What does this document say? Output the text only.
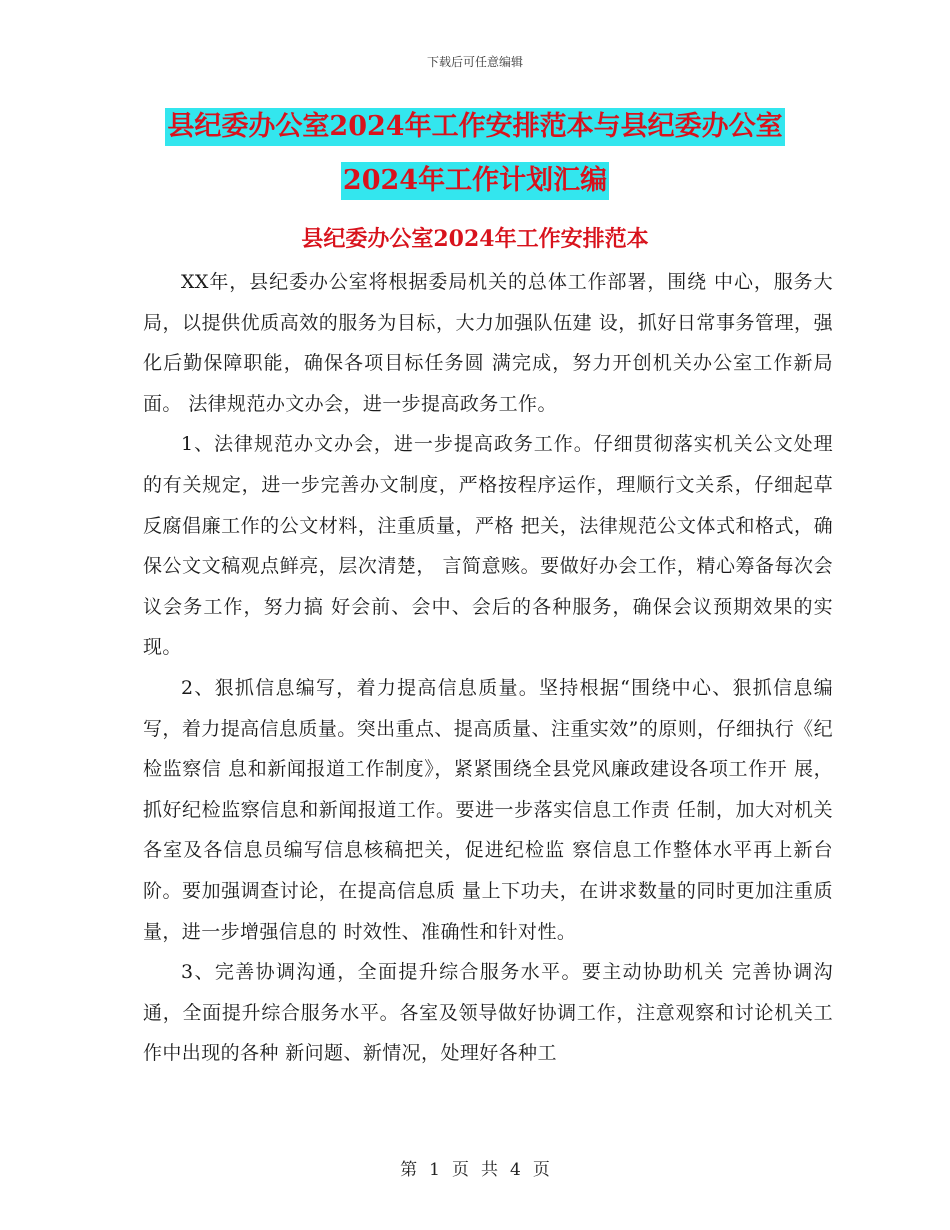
下载后可任意编辑
县纪委办公室2024年工作安排范本与县纪委办公室
2024年工作计划汇编
县纪委办公室2024年工作安排范本

XX年，县纪委办公室将根据委局机关的总体工作部署，围绕 中心，服务大局，以提供优质高效的服务为目标，大力加强队伍建 设，抓好日常事务管理，强化后勤保障职能，确保各项目标任务圆 满完成，努力开创机关办公室工作新局面。 法律规范办文办会，进一步提高政务工作。

1、法律规范办文办会，进一步提高政务工作。仔细贯彻落实机关公文处理的有关规定，进一步完善办文制度，严格按程序运作，理顺行文关系，仔细起草反腐倡廉工作的公文材料，注重质量，严格 把关，法律规范公文体式和格式，确保公文文稿观点鲜亮，层次清楚， 言简意赅。要做好办会工作，精心筹备每次会议会务工作，努力搞 好会前、会中、会后的各种服务，确保会议预期效果的实现。

2、狠抓信息编写，着力提高信息质量。坚持根据“围绕中心、狠抓信息编写，着力提高信息质量。突出重点、提高质量、注重实效”的原则，仔细执行《纪检监察信 息和新闻报道工作制度》，紧紧围绕全县党风廉政建设各项工作开 展，抓好纪检监察信息和新闻报道工作。要进一步落实信息工作责 任制，加大对机关各室及各信息员编写信息核稿把关，促进纪检监 察信息工作整体水平再上新台阶。要加强调查讨论，在提高信息质 量上下功夫，在讲求数量的同时更加注重质量，进一步增强信息的 时效性、准确性和针对性。

3、完善协调沟通，全面提升综合服务水平。要主动协助机关 完善协调沟通，全面提升综合服务水平。各室及领导做好协调工作，注意观察和讨论机关工作中出现的各种 新问题、新情况，处理好各种工

第 1 页 共 4 页
